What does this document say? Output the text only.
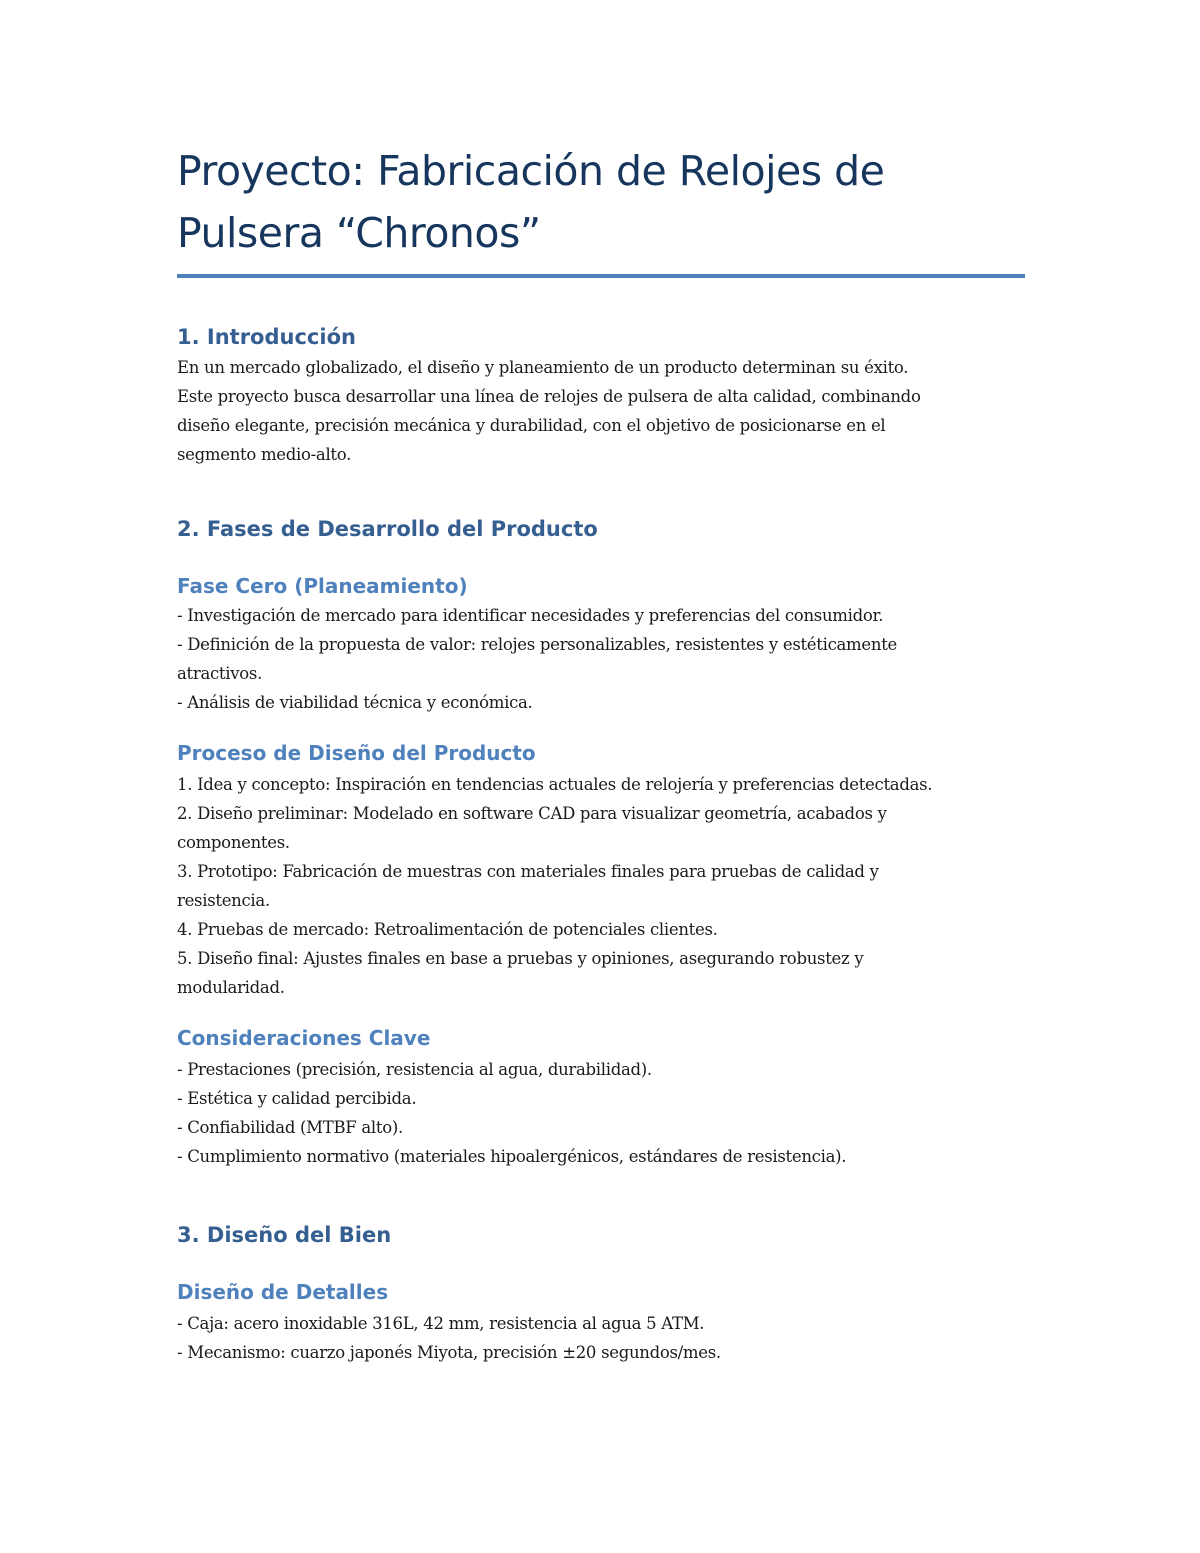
Proyecto: Fabricación de Relojes de
Pulsera “Chronos”
1. Introducción

En un mercado globalizado, el diseño y planeamiento de un producto determinan su éxito.
Este proyecto busca desarrollar una línea de relojes de pulsera de alta calidad, combinando
diseño elegante, precisión mecánica y durabilidad, con el objetivo de posicionarse en el
segmento medio-alto.

2. Fases de Desarrollo del Producto
Fase Cero (Planeamiento)

- Investigación de mercado para identificar necesidades y preferencias del consumidor.
- Definición de la propuesta de valor: relojes personalizables, resistentes y estéticamente
atractivos.
- Análisis de viabilidad técnica y económica.

Proceso de Diseño del Producto

1. Idea y concepto: Inspiración en tendencias actuales de relojería y preferencias detectadas.
2. Diseño preliminar: Modelado en software CAD para visualizar geometría, acabados y
componentes.
3. Prototipo: Fabricación de muestras con materiales finales para pruebas de calidad y
resistencia.
4. Pruebas de mercado: Retroalimentación de potenciales clientes.
5. Diseño final: Ajustes finales en base a pruebas y opiniones, asegurando robustez y
modularidad.

Consideraciones Clave

- Prestaciones (precisión, resistencia al agua, durabilidad).
- Estética y calidad percibida.
- Confiabilidad (MTBF alto).
- Cumplimiento normativo (materiales hipoalergénicos, estándares de resistencia).

3. Diseño del Bien
Diseño de Detalles

- Caja: acero inoxidable 316L, 42 mm, resistencia al agua 5 ATM.
- Mecanismo: cuarzo japonés Miyota, precisión ±20 segundos/mes.
